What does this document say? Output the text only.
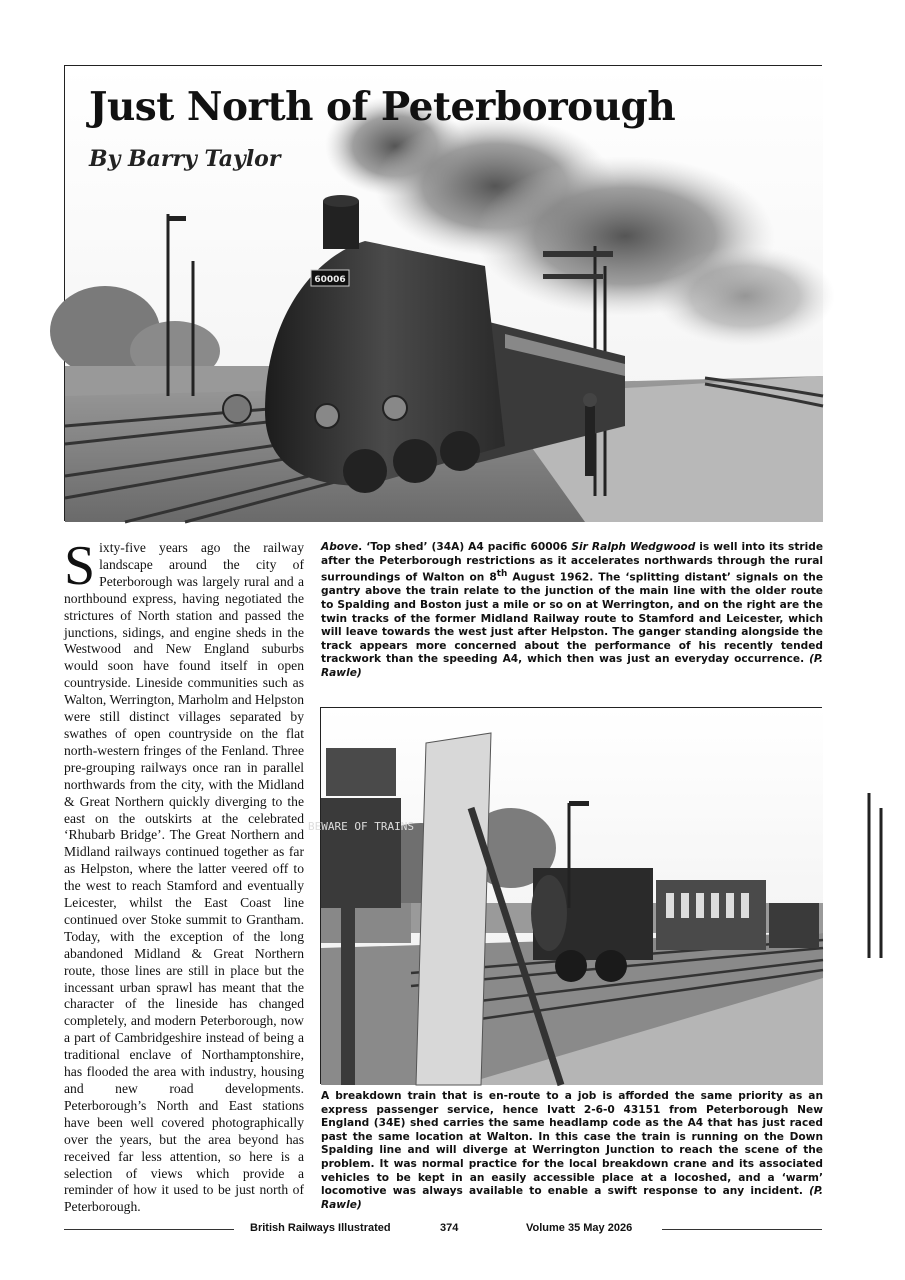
60006
Just North of Peterborough
By Barry Taylor
Sixty-five years ago the railway landscape around the city of Peterborough was largely rural and a northbound express, having negotiated the strictures of North station and passed the junctions, sidings, and engine sheds in the Westwood and New England suburbs would soon have found itself in open countryside. Lineside communities such as Walton, Werrington, Marholm and Helpston were still distinct villages separated by swathes of open countryside on the flat north-western fringes of the Fenland. Three pre-grouping railways once ran in parallel northwards from the city, with the Midland & Great Northern quickly diverging to the east on the outskirts at the celebrated ‘Rhubarb Bridge’. The Great Northern and Midland railways continued together as far as Helpston, where the latter veered off to the west to reach Stamford and eventually Leicester, whilst the East Coast line continued over Stoke summit to Grantham. Today, with the exception of the long abandoned Midland & Great Northern route, those lines are still in place but the incessant urban sprawl has meant that the character of the lineside has changed completely, and modern Peterborough, now a part of Cambridgeshire instead of being a traditional enclave of Northamptonshire, has flooded the area with industry, housing and new road developments. Peterborough’s North and East stations have been well covered photographically over the years, but the area beyond has received far less attention, so here is a selection of views which provide a reminder of how it used to be just north of Peterborough.
Above. ‘Top shed’ (34A) A4 pacific 60006 Sir Ralph Wedgwood is well into its stride after the Peterborough restrictions as it accelerates northwards through the rural surroundings of Walton on 8th August 1962. The ‘splitting distant’ signals on the gantry above the train relate to the junction of the main line with the older route to Spalding and Boston just a mile or so on at Werrington, and on the right are the twin tracks of the former Midland Railway route to Stamford and Leicester, which will leave towards the west just after Helpston. The ganger standing alongside the track appears more concerned about the performance of his recently tended trackwork than the speeding A4, which then was just an everyday occurrence. (P. Rawle)
BEWARE OF TRAINS
A breakdown train that is en-route to a job is afforded the same priority as an express passenger service, hence Ivatt 2-6-0 43151 from Peterborough New England (34E) shed carries the same headlamp code as the A4 that has just raced past the same location at Walton. In this case the train is running on the Down Spalding line and will diverge at Werrington Junction to reach the scene of the problem. It was normal practice for the local breakdown crane and its associated vehicles to be kept in an easily accessible place at a locoshed, and a ‘warm’ locomotive was always available to enable a swift response to any incident. (P. Rawle)
British Railways Illustrated	374	Volume 35 May 2026
